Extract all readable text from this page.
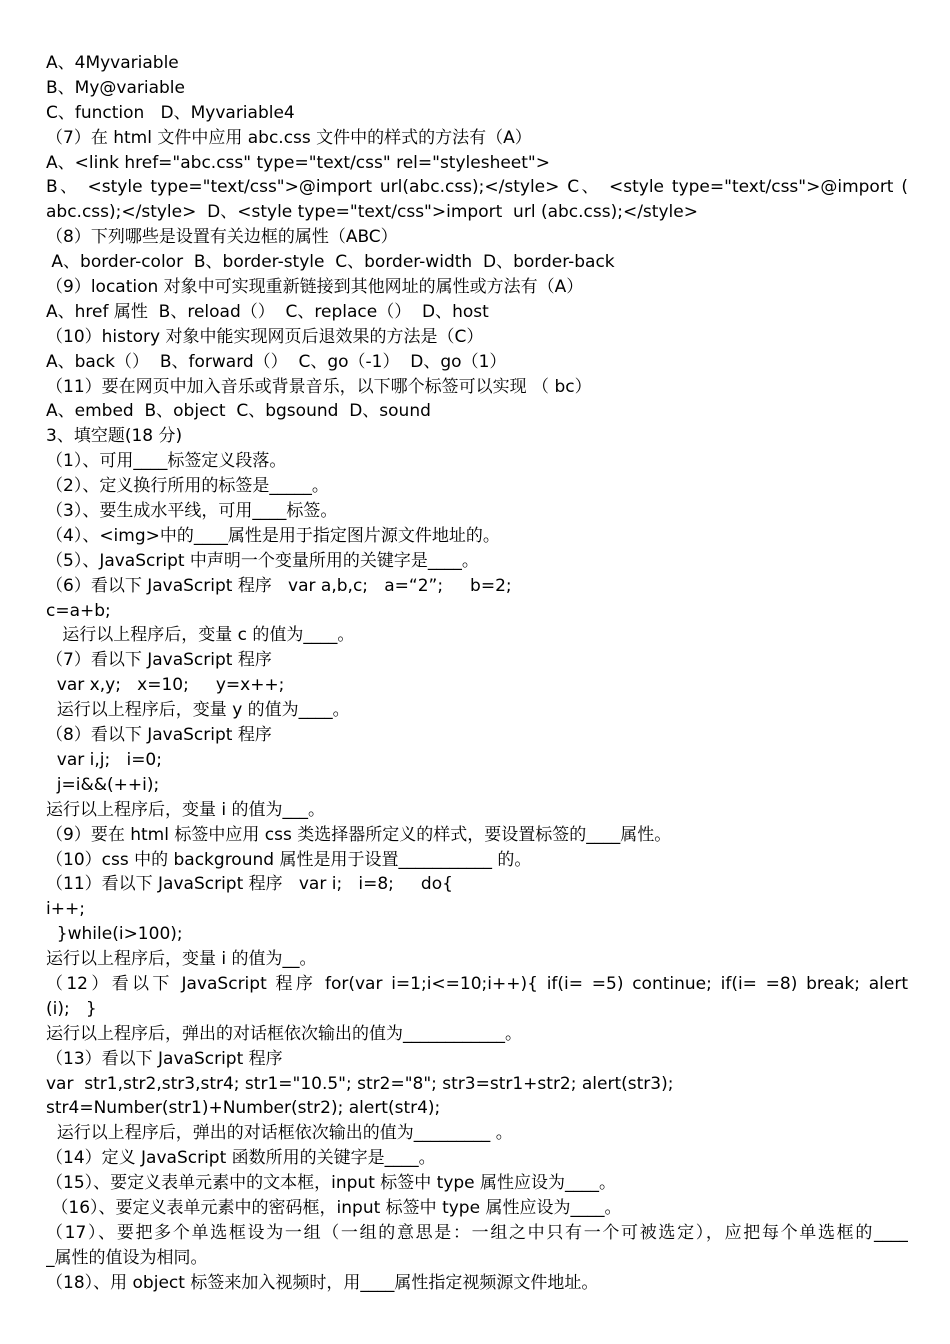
A、4Myvariable
B、My@variable
C、function   D、Myvariable4
（7）在 html 文件中应用 abc.css 文件中的样式的方法有（A）
A、<link href="abc.css" type="text/css" rel="stylesheet">
B、 <style type="text/css">@import url(abc.css);</style> C、 <style type="text/css">@import (
abc.css);</style>  D、<style type="text/css">import  url (abc.css);</style>
（8）下列哪些是设置有关边框的属性（ABC）
A、border-color  B、border-style  C、border-width  D、border-back
（9）location 对象中可实现重新链接到其他网址的属性或方法有（A）
A、href 属性  B、reload（）  C、replace（）  D、host
（10）history 对象中能实现网页后退效果的方法是（C）
A、back（）  B、forward（）  C、go（-1）  D、go（1）
（11）要在网页中加入音乐或背景音乐，以下哪个标签可以实现 （ bc）
A、embed  B、object  C、bgsound  D、sound
3、填空题(18 分)
（1）、可用____标签定义段落。
（2）、定义换行所用的标签是_____。
（3）、要生成水平线，可用____标签。
（4）、<img>中的____属性是用于指定图片源文件地址的。
（5）、JavaScript 中声明一个变量所用的关键字是____。
（6）看以下 JavaScript 程序   var a,b,c;   a=“2”;     b=2;
c=a+b;
运行以上程序后，变量 c 的值为____。
（7）看以下 JavaScript 程序
var x,y;   x=10;     y=x++;
运行以上程序后，变量 y 的值为____。
（8）看以下 JavaScript 程序
var i,j;   i=0;
j=i&&(++i);
运行以上程序后，变量 i 的值为___。
（9）要在 html 标签中应用 css 类选择器所定义的样式，要设置标签的____属性。
（10）css 中的 background 属性是用于设置___________ 的。
（11）看以下 JavaScript 程序   var i;   i=8;     do{
i++;
}while(i>100);
运行以上程序后，变量 i 的值为__。
（12）看以下 JavaScript 程序 for(var i=1;i<=10;i++){ if(i= =5) continue; if(i= =8) break; alert
(i);   }
运行以上程序后，弹出的对话框依次输出的值为____________。
（13）看以下 JavaScript 程序
var  str1,str2,str3,str4; str1="10.5"; str2="8"; str3=str1+str2; alert(str3);
str4=Number(str1)+Number(str2); alert(str4);
运行以上程序后，弹出的对话框依次输出的值为_________ 。
（14）定义 JavaScript 函数所用的关键字是____。
（15）、要定义表单元素中的文本框，input 标签中 type 属性应设为____。
（16）、要定义表单元素中的密码框，input 标签中 type 属性应设为____。
（17）、要把多个单选框设为一组（一组的意思是：一组之中只有一个可被选定），应把每个单选框的____
_属性的值设为相同。
（18）、用 object 标签来加入视频时，用____属性指定视频源文件地址。
